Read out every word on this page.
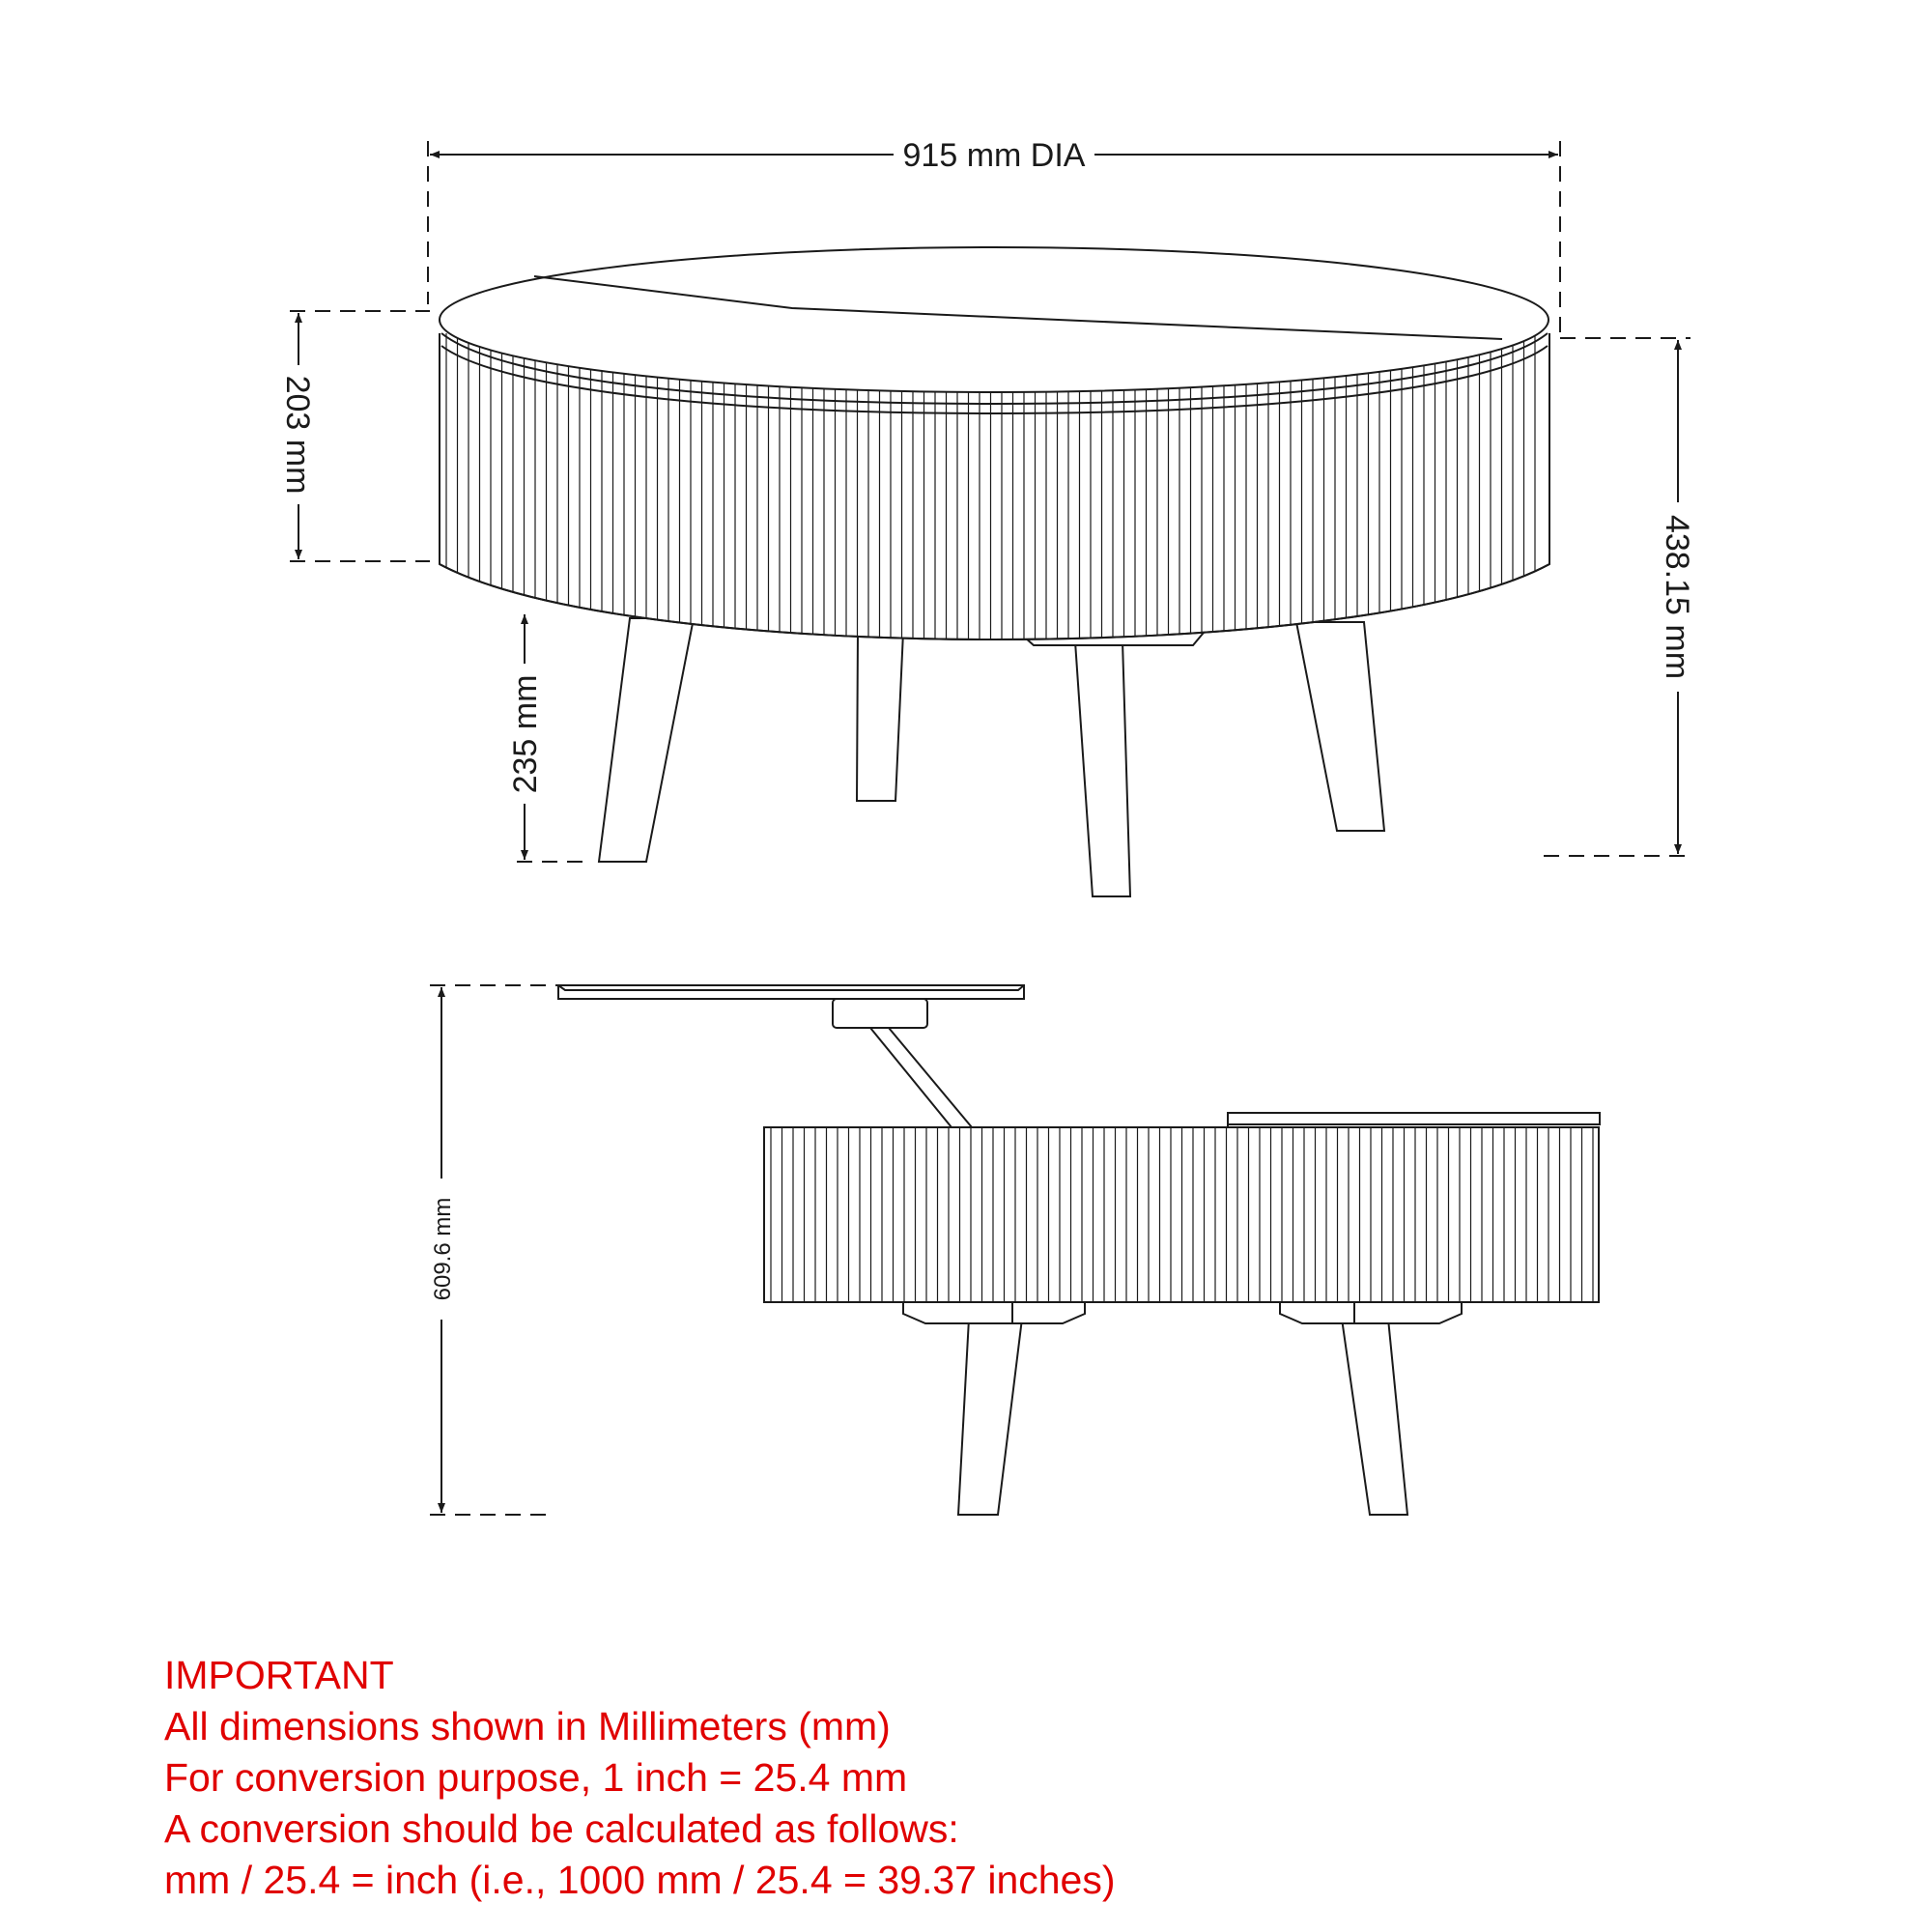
915 mm DIA
203 mm
438.15 mm
235 mm
609.6 mm
IMPORTANT
All dimensions shown in Millimeters (mm)
For conversion purpose, 1 inch = 25.4 mm
A conversion should be calculated as follows:
mm / 25.4 = inch (i.e., 1000 mm / 25.4 = 39.37 inches)
